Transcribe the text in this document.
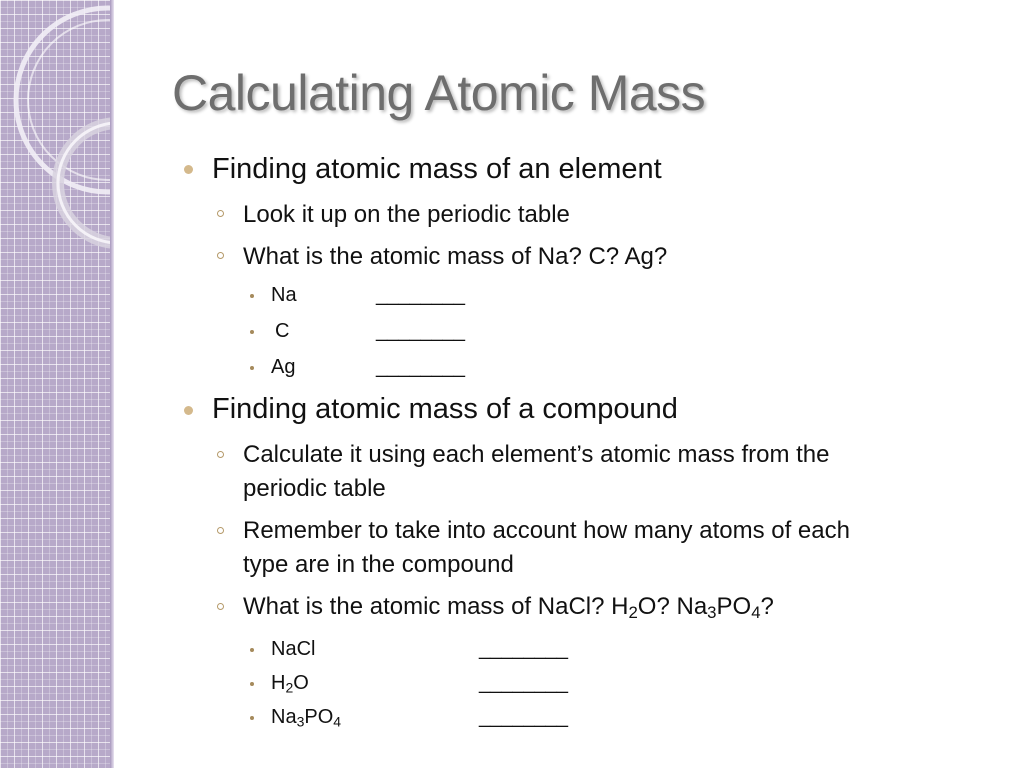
Calculating Atomic Mass
Finding atomic mass of an element
Look it up on the periodic table
What is the atomic mass of Na? C? Ag?
Na	________
C	________
Ag	________
Finding atomic mass of a compound
Calculate it using each element’s atomic mass from the
periodic table
Remember to take into account how many atoms of each
type are in the compound
What is the atomic mass of NaCl? $H_2O$? $Na_3PO_4$?
NaCl	________
$H_2O$	________
$Na_3PO_4$	________
